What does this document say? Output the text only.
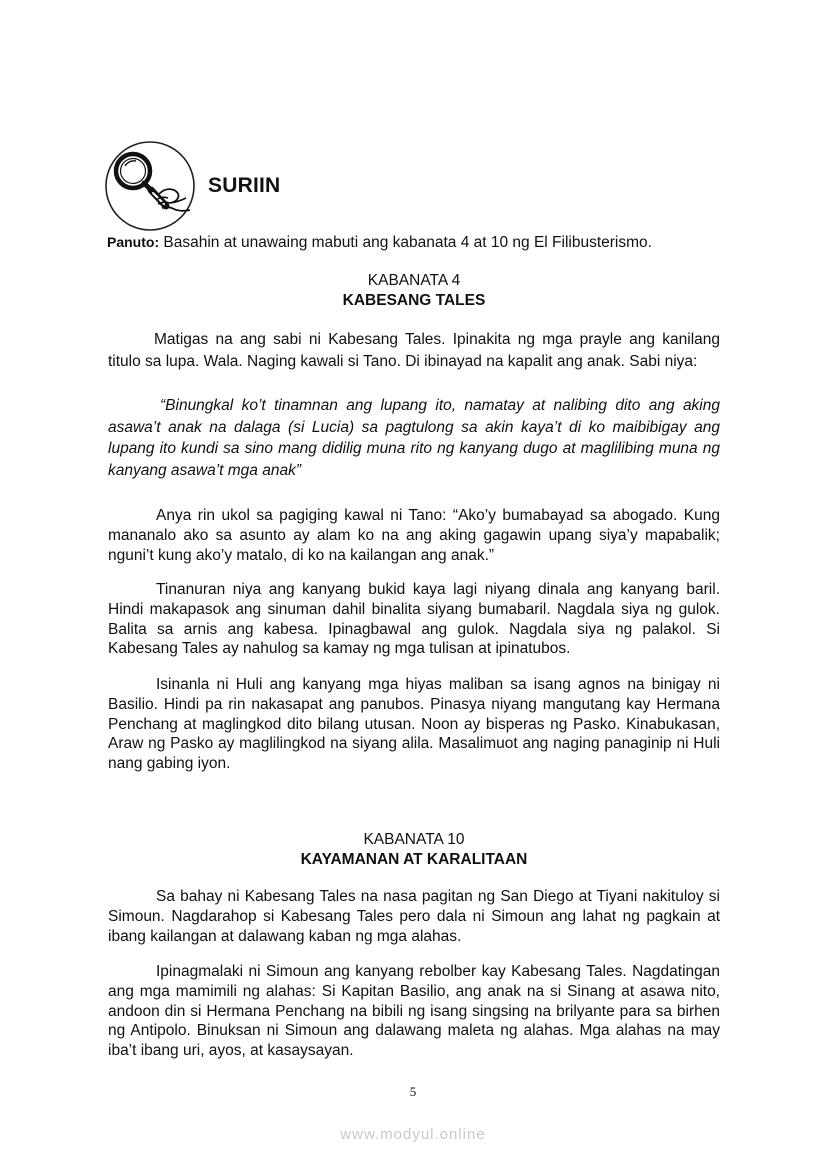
SURIIN
Panuto: Basahin at unawaing mabuti ang kabanata 4 at 10 ng El Filibusterismo.
KABANATA 4
KABESANG TALES

Matigas na ang sabi ni Kabesang Tales. Ipinakita ng mga prayle ang kanilang titulo sa lupa. Wala. Naging kawali si Tano. Di ibinayad na kapalit ang anak. Sabi niya:

“Binungkal ko’t tinamnan ang lupang ito, namatay at nalibing dito ang aking asawa’t anak na dalaga (si Lucia) sa pagtulong sa akin kaya’t di ko maibibigay ang lupang ito kundi sa sino mang didilig muna rito ng kanyang dugo at maglilibing muna ng kanyang asawa’t mga anak”

Anya rin ukol sa pagiging kawal ni Tano: “Ako’y bumabayad sa abogado. Kung mananalo ako sa asunto ay alam ko na ang aking gagawin upang siya’y mapabalik; nguni’t kung ako’y matalo, di ko na kailangan ang anak.”

Tinanuran niya ang kanyang bukid kaya lagi niyang dinala ang kanyang baril. Hindi makapasok ang sinuman dahil binalita siyang bumabaril. Nagdala siya ng gulok. Balita sa arnis ang kabesa. Ipinagbawal ang gulok. Nagdala siya ng palakol. Si Kabesang Tales ay nahulog sa kamay ng mga tulisan at ipinatubos.

Isinanla ni Huli ang kanyang mga hiyas maliban sa isang agnos na binigay ni Basilio. Hindi pa rin nakasapat ang panubos. Pinasya niyang mangutang kay Hermana Penchang at maglingkod dito bilang utusan. Noon ay bisperas ng Pasko. Kinabukasan, Araw ng Pasko ay maglilingkod na siyang alila. Masalimuot ang naging panaginip ni Huli nang gabing iyon.

KABANATA 10
KAYAMANAN AT KARALITAAN

Sa bahay ni Kabesang Tales na nasa pagitan ng San Diego at Tiyani nakituloy si Simoun. Nagdarahop si Kabesang Tales pero dala ni Simoun ang lahat ng pagkain at ibang kailangan at dalawang kaban ng mga alahas.

Ipinagmalaki ni Simoun ang kanyang rebolber kay Kabesang Tales. Nagdatingan ang mga mamimili ng alahas: Si Kapitan Basilio, ang anak na si Sinang at asawa nito, andoon din si Hermana Penchang na bibili ng isang singsing na brilyante para sa birhen ng Antipolo. Binuksan ni Simoun ang dalawang maleta ng alahas. Mga alahas na may iba’t ibang uri, ayos, at kasaysayan.

5
www.modyul.online
